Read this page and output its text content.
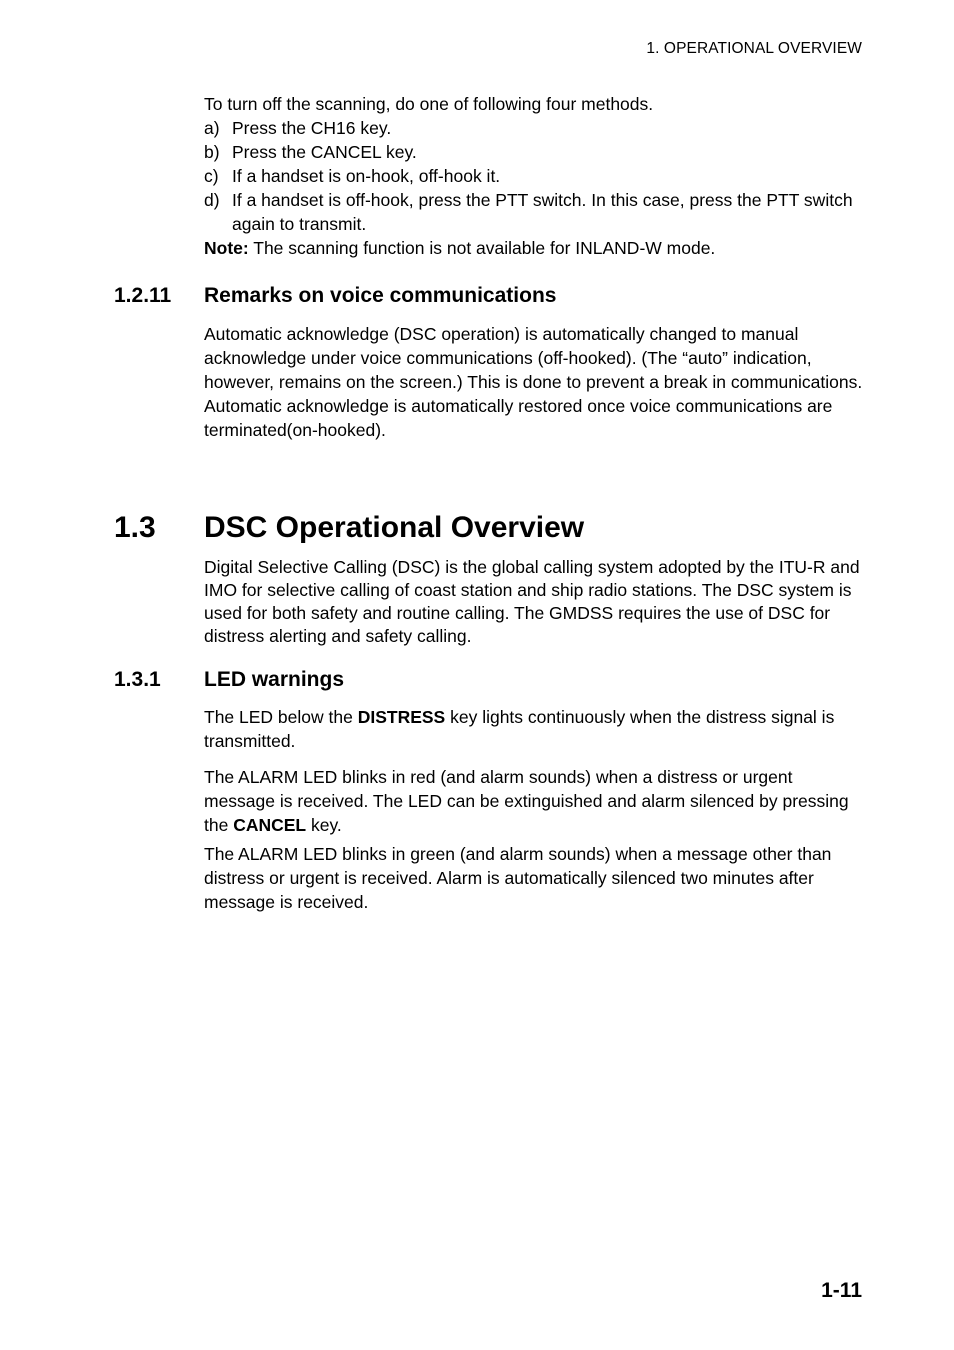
1. OPERATIONAL OVERVIEW

To turn off the scanning, do one of following four methods.

a) Press the CH16 key.
b) Press the CANCEL key.
c) If a handset is on-hook, off-hook it.
d) If a handset is off-hook, press the PTT switch. In this case, press the PTT switch again to transmit.

Note: The scanning function is not available for INLAND-W mode.

1.2.11 Remarks on voice communications

Automatic acknowledge (DSC operation) is automatically changed to manual acknowledge under voice communications (off-hooked). (The “auto” indication, however, remains on the screen.) This is done to prevent a break in communications.

Automatic acknowledge is automatically restored once voice communications are terminated(on-hooked).

1.3 DSC Operational Overview

Digital Selective Calling (DSC) is the global calling system adopted by the ITU-R and IMO for selective calling of coast station and ship radio stations. The DSC system is used for both safety and routine calling. The GMDSS requires the use of DSC for distress alerting and safety calling.

1.3.1 LED warnings

The LED below the DISTRESS key lights continuously when the distress signal is transmitted.

The ALARM LED blinks in red (and alarm sounds) when a distress or urgent message is received. The LED can be extinguished and alarm silenced by pressing the CANCEL key.

The ALARM LED blinks in green (and alarm sounds) when a message other than distress or urgent is received. Alarm is automatically silenced two minutes after message is received.

1-11
